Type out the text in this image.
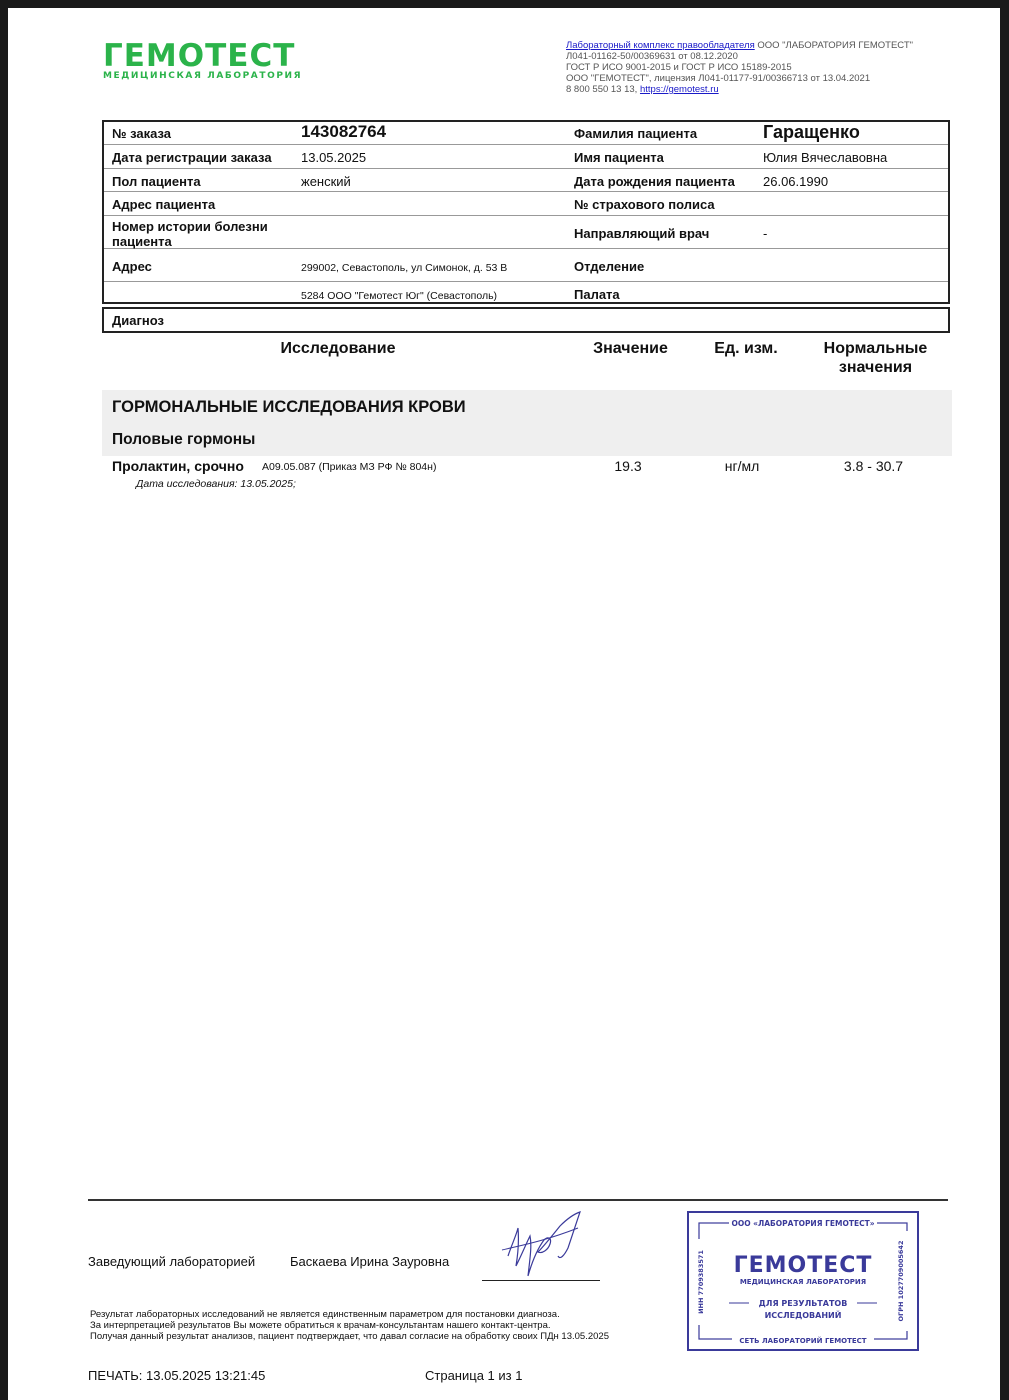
ГЕМОТЕСТ
МЕДИЦИНСКАЯ ЛАБОРАТОРИЯ
Лабораторный комплекс правообладателя ООО "ЛАБОРАТОРИЯ ГЕМОТЕСТ"
Л041-01162-50/00369631 от 08.12.2020
ГОСТ Р ИСО 9001-2015 и ГОСТ Р ИСО 15189-2015
ООО "ГЕМОТЕСТ", лицензия Л041-01177-91/00366713 от 13.04.2021
8 800 550 13 13, https://gemotest.ru
№ заказа	143082764	Фамилия пациента	Гаращенко
Дата регистрации заказа 13.05.2025	Имя пациента	Юлия Вячеславовна
Пол пациента	женский	Дата рождения пациента 26.06.1990
Адрес пациента	№ страхового полиса
Номер истории болезни
пациента
Направляющий врач	-
Адрес	299002, Севастополь, ул Симонок, д. 53 В	Отделение
5284 ООО "Гемотест Юг" (Севастополь)	Палата
Диагноз
Исследование	Значение	Ед. изм.	Нормальные
значения
ГОРМОНАЛЬНЫЕ ИССЛЕДОВАНИЯ КРОВИ
Половые гормоны
Пролактин, срочно A09.05.087 (Приказ МЗ РФ № 804н)
Дата исследования: 13.05.2025;
19.3	нг/мл	3.8 - 30.7
Заведующий лабораторией	Баскаева Ирина Зауровна
Результат лабораторных исследований не является единственным параметром для постановки диагноза.
За интерпретацией результатов Вы можете обратиться к врачам-консультантам нашего контакт-центра.
Получая данный результат анализов, пациент подтверждает, что давал согласие на обработку своих ПДн 13.05.2025
ПЕЧАТЬ: 13.05.2025 13:21:45	Страница 1 из 1
ООО «ЛАБОРАТОРИЯ ГЕМОТЕСТ»
ГЕМОТЕСТ
МЕДИЦИНСКАЯ ЛАБОРАТОРИЯ
ДЛЯ РЕЗУЛЬТАТОВ
ИССЛЕДОВАНИЙ
СЕТЬ ЛАБОРАТОРИЙ ГЕМОТЕСТ
ИНН 7709383571	ОГРН 1027709005642
